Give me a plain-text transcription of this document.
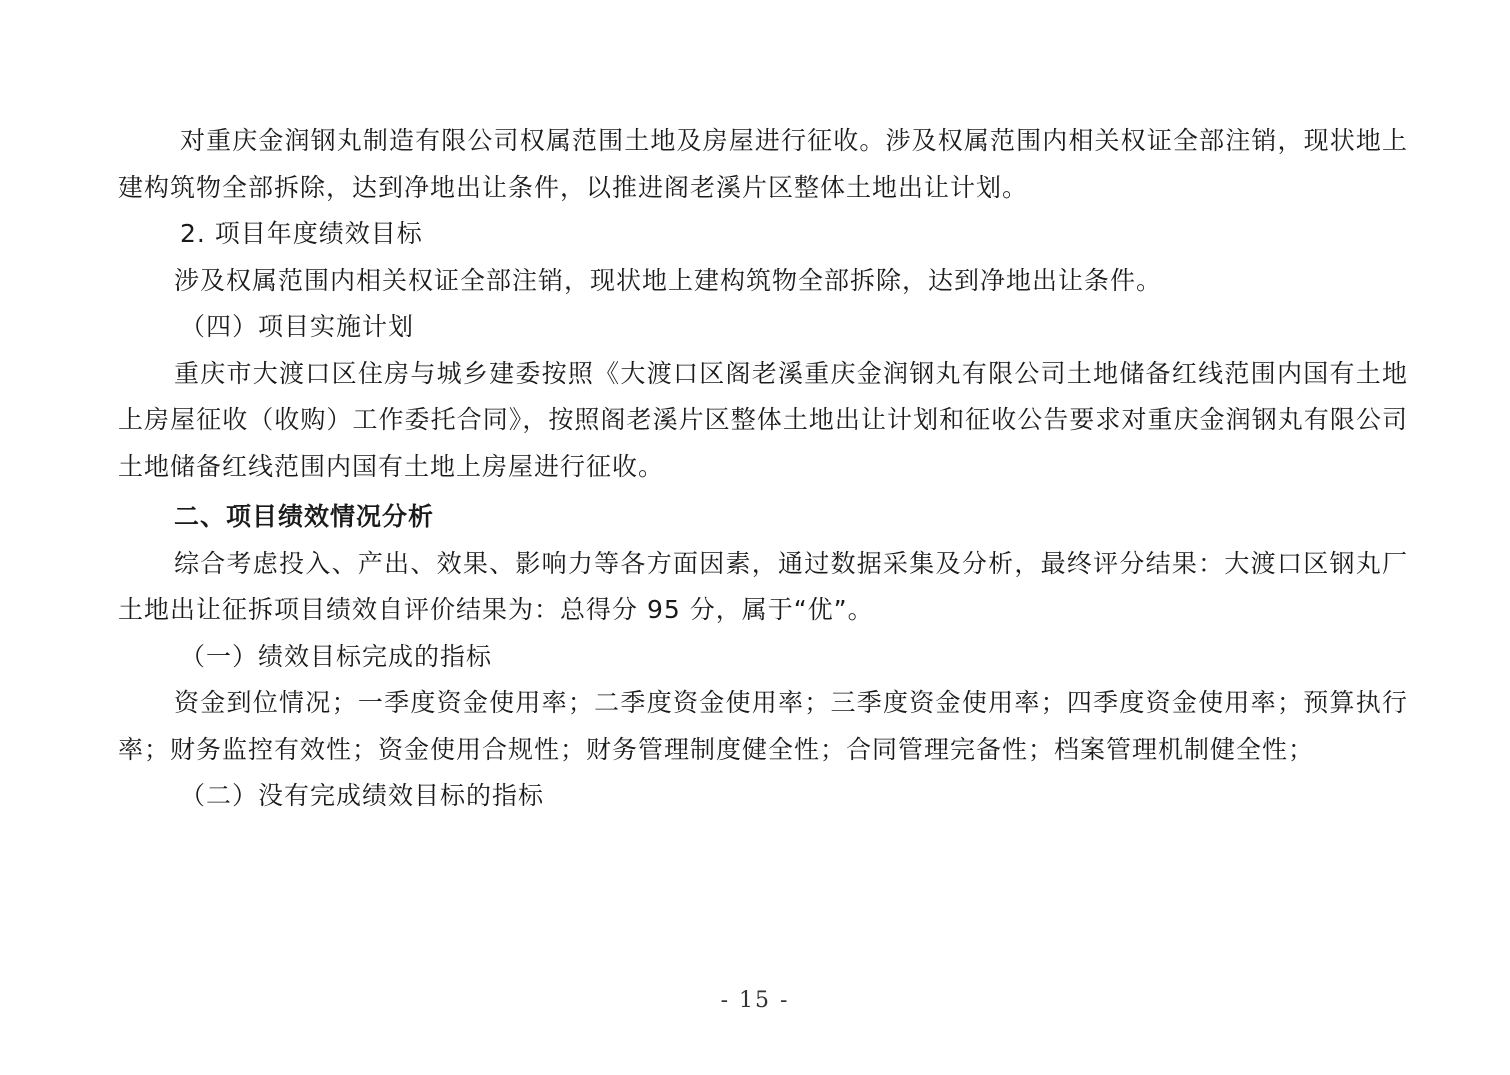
对重庆金润钢丸制造有限公司权属范围土地及房屋进行征收。涉及权属范围内相关权证全部注销，现状地上建构筑物全部拆除，达到净地出让条件，以推进阁老溪片区整体土地出让计划。

2. 项目年度绩效目标

涉及权属范围内相关权证全部注销，现状地上建构筑物全部拆除，达到净地出让条件。

（四）项目实施计划

重庆市大渡口区住房与城乡建委按照《大渡口区阁老溪重庆金润钢丸有限公司土地储备红线范围内国有土地上房屋征收（收购）工作委托合同》，按照阁老溪片区整体土地出让计划和征收公告要求对重庆金润钢丸有限公司土地储备红线范围内国有土地上房屋进行征收。

二、项目绩效情况分析

综合考虑投入、产出、效果、影响力等各方面因素，通过数据采集及分析，最终评分结果：大渡口区钢丸厂土地出让征拆项目绩效自评价结果为：总得分 95 分，属于“优”。

（一）绩效目标完成的指标

资金到位情况；一季度资金使用率；二季度资金使用率；三季度资金使用率；四季度资金使用率；预算执行率；财务监控有效性；资金使用合规性；财务管理制度健全性；合同管理完备性；档案管理机制健全性；

（二）没有完成绩效目标的指标

- 15 -
